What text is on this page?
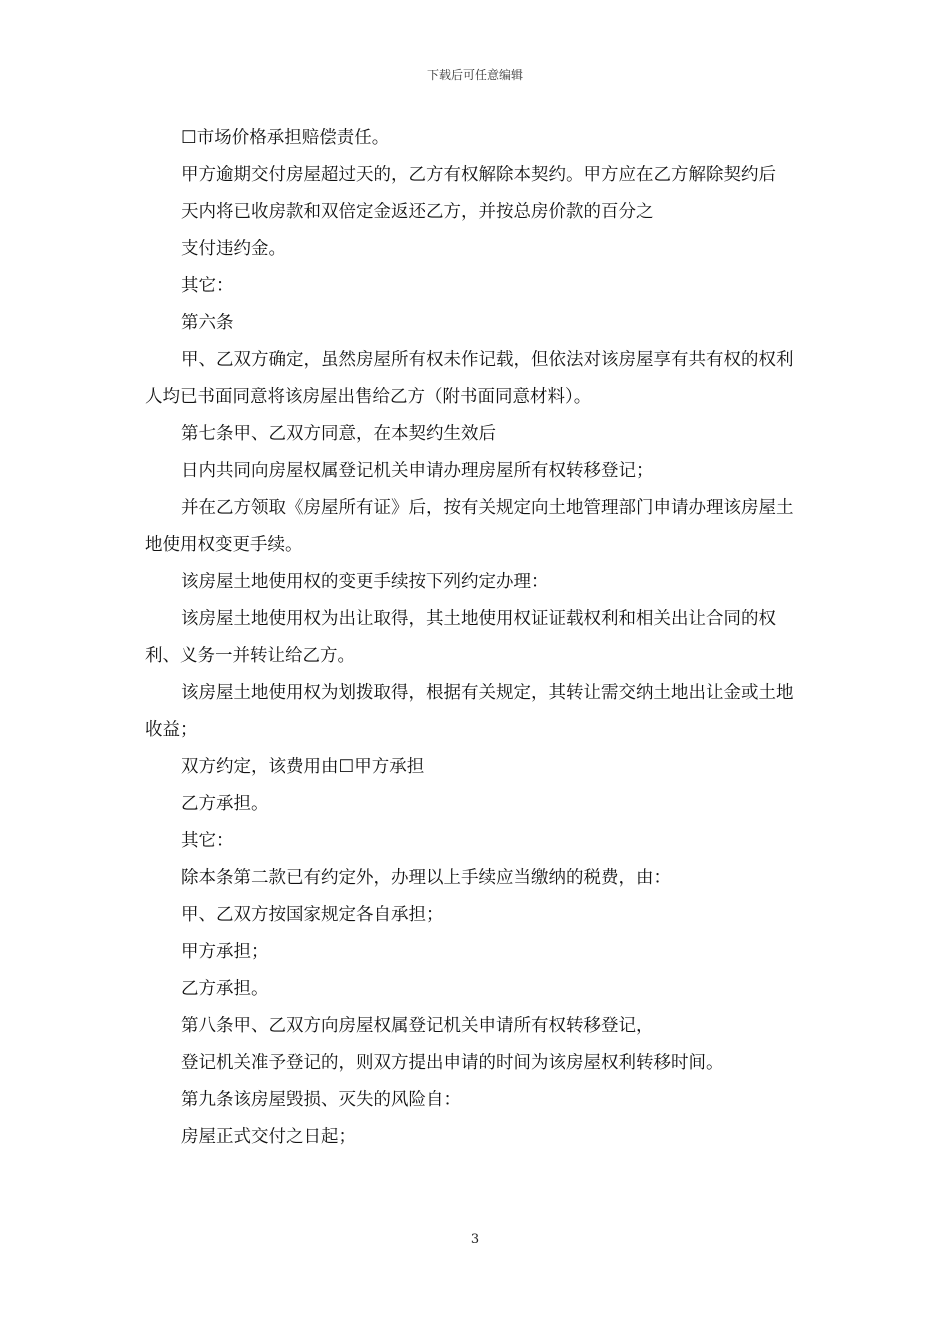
下载后可任意编辑

☐市场价格承担赔偿责任。

甲方逾期交付房屋超过天的，乙方有权解除本契约。甲方应在乙方解除契约后

天内将已收房款和双倍定金返还乙方，并按总房价款的百分之

支付违约金。

其它：

第六条

甲、乙双方确定，虽然房屋所有权未作记载，但依法对该房屋享有共有权的权利人均已书面同意将该房屋出售给乙方（附书面同意材料）。

第七条甲、乙双方同意，在本契约生效后

日内共同向房屋权属登记机关申请办理房屋所有权转移登记；

并在乙方领取《房屋所有证》后，按有关规定向土地管理部门申请办理该房屋土地使用权变更手续。

该房屋土地使用权的变更手续按下列约定办理：

该房屋土地使用权为出让取得，其土地使用权证证载权利和相关出让合同的权利、义务一并转让给乙方。

该房屋土地使用权为划拨取得，根据有关规定，其转让需交纳土地出让金或土地收益；

双方约定，该费用由☐甲方承担

乙方承担。

其它：

除本条第二款已有约定外，办理以上手续应当缴纳的税费，由：

甲、乙双方按国家规定各自承担；

甲方承担；

乙方承担。

第八条甲、乙双方向房屋权属登记机关申请所有权转移登记，

登记机关准予登记的，则双方提出申请的时间为该房屋权利转移时间。

第九条该房屋毁损、灭失的风险自：

房屋正式交付之日起；

3
